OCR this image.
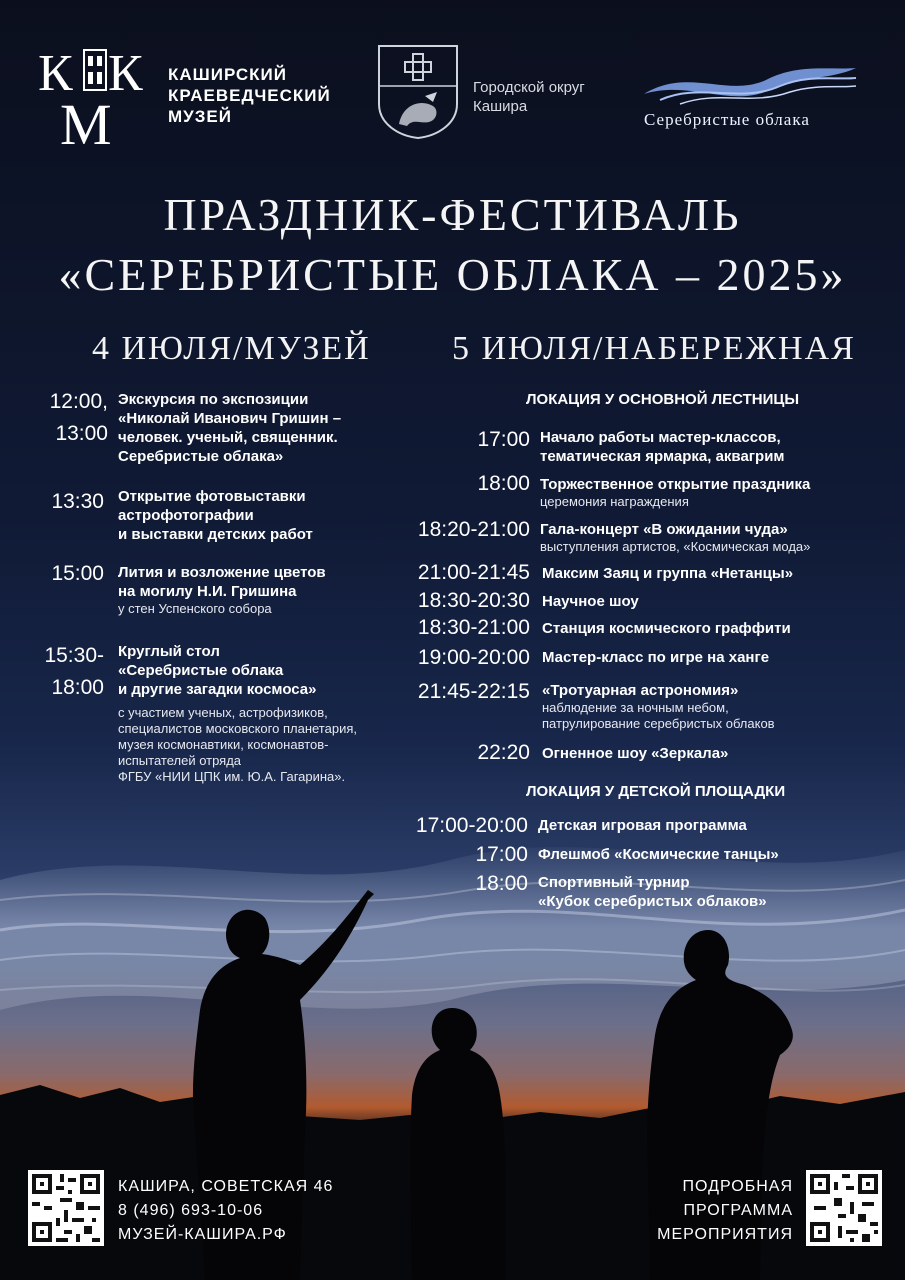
К К
М
КАШИРСКИЙ
КРАЕВЕДЧЕСКИЙ
МУЗЕЙ
Городской округ
Кашира
Серебристые облака
ПРАЗДНИК-ФЕСТИВАЛЬ
«СЕРЕБРИСТЫЕ ОБЛАКА – 2025»
4 ИЮЛЯ/МУЗЕЙ 5 ИЮЛЯ/НАБЕРЕЖНАЯ
12:00,
13:00
Экскурсия по экспозиции
«Николай Иванович Гришин –
человек. ученый, священник.
Серебристые облака»
13:30 Открытие фотовыставки
астрофотографии
и выставки детских работ
15:00 Лития и возложение цветов
на могилу Н.И. Гришина
у стен Успенского собора
15:30-
18:00
Круглый стол
«Серебристые облака
и другие загадки космоса»
с участием ученых, астрофизиков,
специалистов московского планетария,
музея космонавтики, космонавтов-
испытателей отряда
ФГБУ «НИИ ЦПК им. Ю.А. Гагарина».
ЛОКАЦИЯ У ОСНОВНОЙ ЛЕСТНИЦЫ
17:00 Начало работы мастер-классов,
тематическая ярмарка, аквагрим
18:00 Торжественное открытие праздника
церемония награждения
18:20-21:00 Гала-концерт «В ожидании чуда»
выступления артистов, «Космическая мода»
21:00-21:45 Максим Заяц и группа «Нетанцы»
18:30-20:30 Научное шоу
18:30-21:00 Станция космического граффити
19:00-20:00 Мастер-класс по игре на ханге
21:45-22:15 «Тротуарная астрономия»
наблюдение за ночным небом,
патрулирование серебристых облаков
22:20 Огненное шоу «Зеркала»
ЛОКАЦИЯ У ДЕТСКОЙ ПЛОЩАДКИ
17:00-20:00 Детская игровая программа
17:00 Флешмоб «Космические танцы»
18:00 Спортивный турнир
«Кубок серебристых облаков»
КАШИРА, СОВЕТСКАЯ 46
8 (496) 693-10-06
МУЗЕЙ-КАШИРА.РФ
ПОДРОБНАЯ
ПРОГРАММА
МЕРОПРИЯТИЯ
